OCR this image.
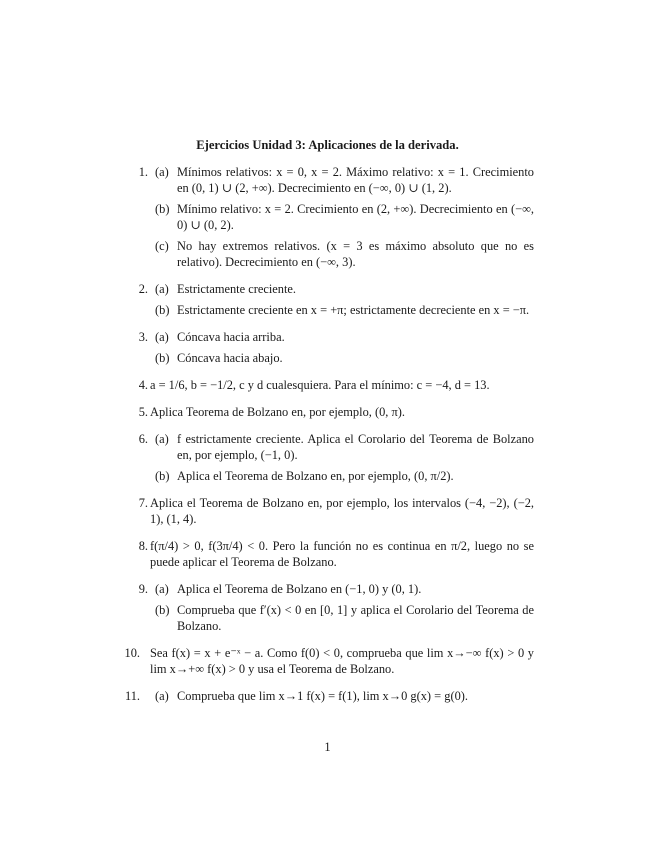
Ejercicios Unidad 3: Aplicaciones de la derivada.
1. (a) Mínimos relativos: x = 0, x = 2. Máximo relativo: x = 1. Crecimiento en (0, 1) ∪ (2, +∞). Decrecimiento en (−∞, 0) ∪ (1, 2).
(b) Mínimo relativo: x = 2. Crecimiento en (2, +∞). Decrecimiento en (−∞, 0) ∪ (0, 2).
(c) No hay extremos relativos. (x = 3 es máximo absoluto que no es relativo). Decrecimiento en (−∞, 3).
2. (a) Estrictamente creciente.
(b) Estrictamente creciente en x = +π; estrictamente decreciente en x = −π.
3. (a) Cóncava hacia arriba.
(b) Cóncava hacia abajo.
4. a = 1/6, b = −1/2, c y d cualesquiera. Para el mínimo: c = −4, d = 13.
5. Aplica Teorema de Bolzano en, por ejemplo, (0, π).
6. (a) f estrictamente creciente. Aplica el Corolario del Teorema de Bolzano en, por ejemplo, (−1, 0).
(b) Aplica el Teorema de Bolzano en, por ejemplo, (0, π/2).
7. Aplica el Teorema de Bolzano en, por ejemplo, los intervalos (−4, −2), (−2, 1), (1, 4).
8. f(π/4) > 0, f(3π/4) < 0. Pero la función no es continua en π/2, luego no se puede aplicar el Teorema de Bolzano.
9. (a) Aplica el Teorema de Bolzano en (−1, 0) y (0, 1).
(b) Comprueba que f′(x) < 0 en [0, 1] y aplica el Corolario del Teorema de Bolzano.
10. Sea f(x) = x + e⁻ˣ − a. Como f(0) < 0, comprueba que lim x→−∞ f(x) > 0 y lim x→+∞ f(x) > 0 y usa el Teorema de Bolzano.
11. (a) Comprueba que lim x→1 f(x) = f(1), lim x→0 g(x) = g(0).
1
